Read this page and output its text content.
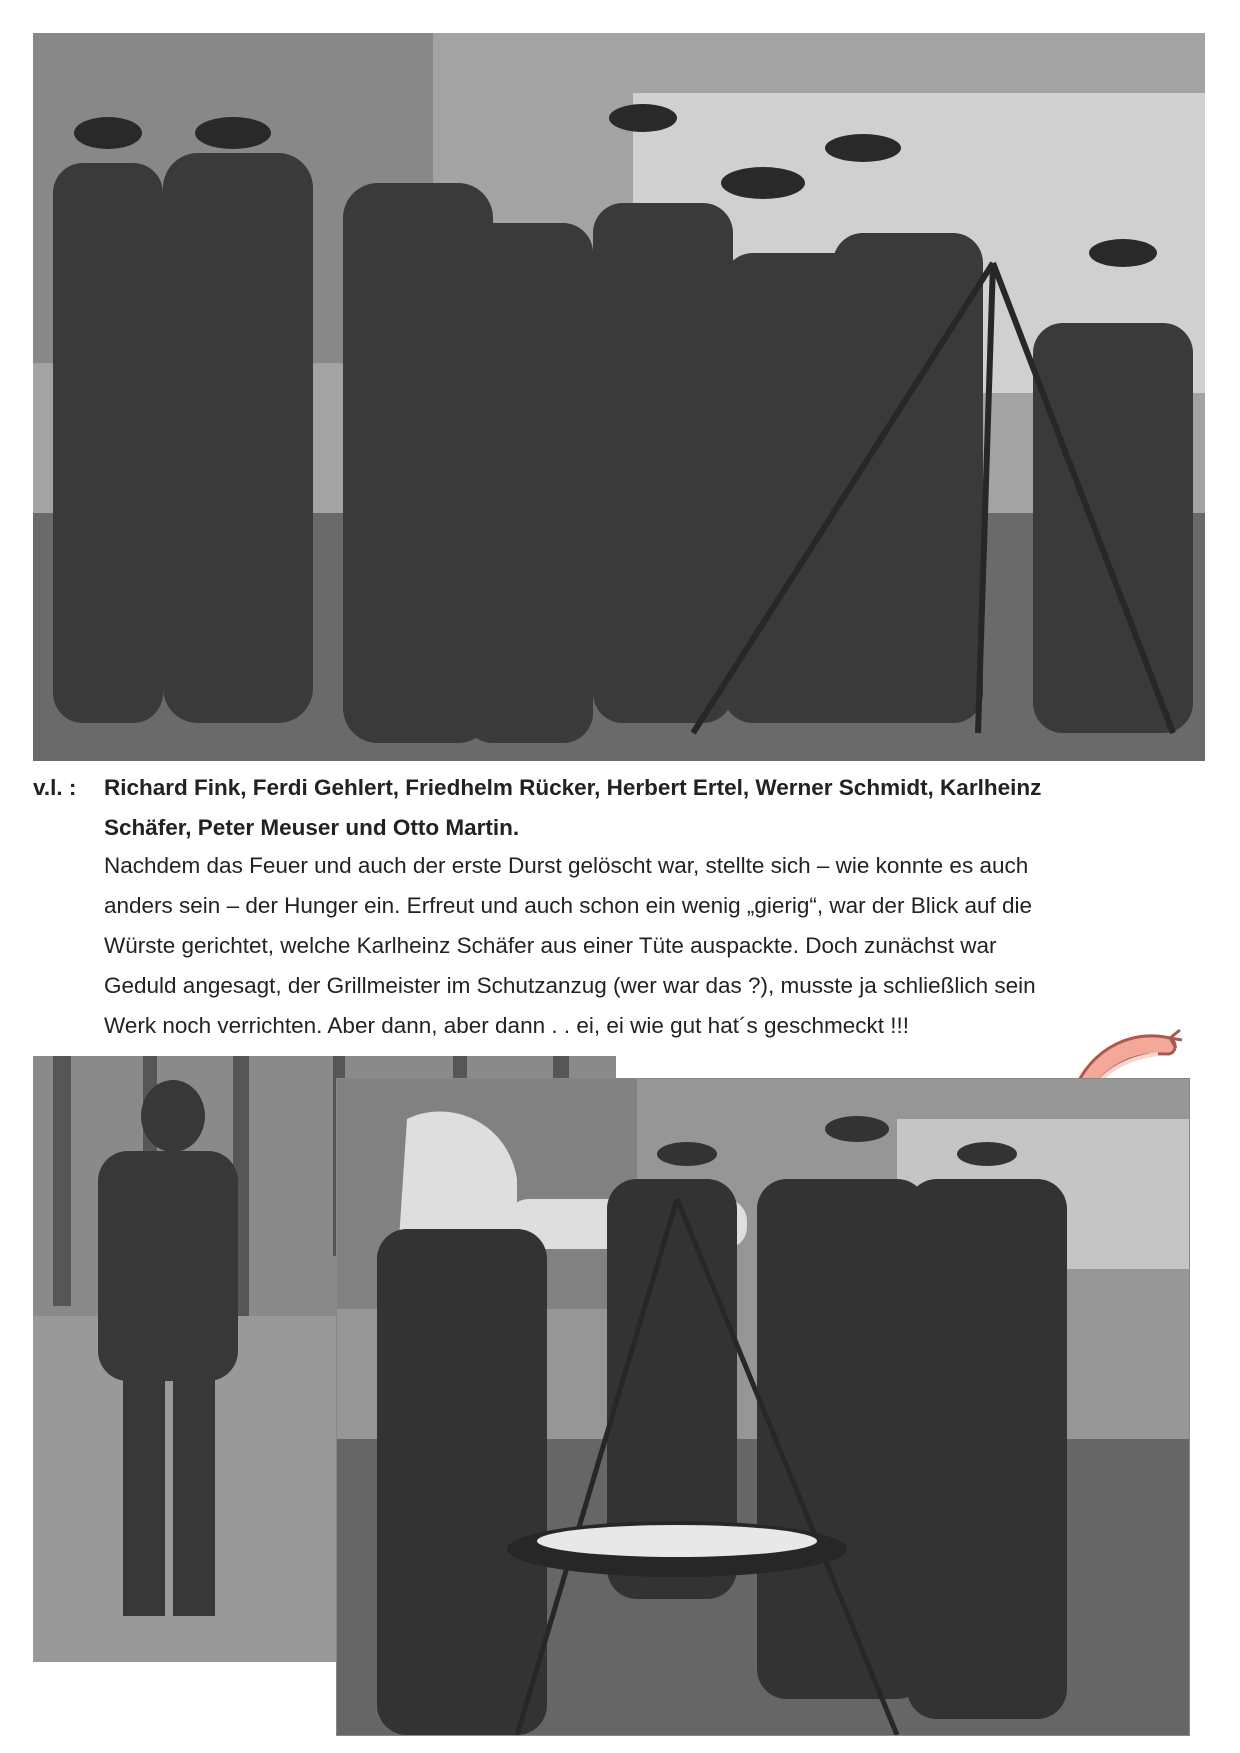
v.l. : Richard Fink, Ferdi Gehlert, Friedhelm Rücker, Herbert Ertel, Werner Schmidt, Karlheinz
Schäfer, Peter Meuser und Otto Martin.
Nachdem das Feuer und auch der erste Durst gelöscht war, stellte sich – wie konnte es auch
anders sein – der Hunger ein. Erfreut und auch schon ein wenig „gierig“, war der Blick auf die
Würste gerichtet, welche Karlheinz Schäfer aus einer Tüte auspackte. Doch zunächst war
Geduld angesagt, der Grillmeister im Schutzanzug (wer war das ?), musste ja schließlich sein
Werk noch verrichten. Aber dann, aber dann . . ei, ei wie gut hat´s geschmeckt !!!
